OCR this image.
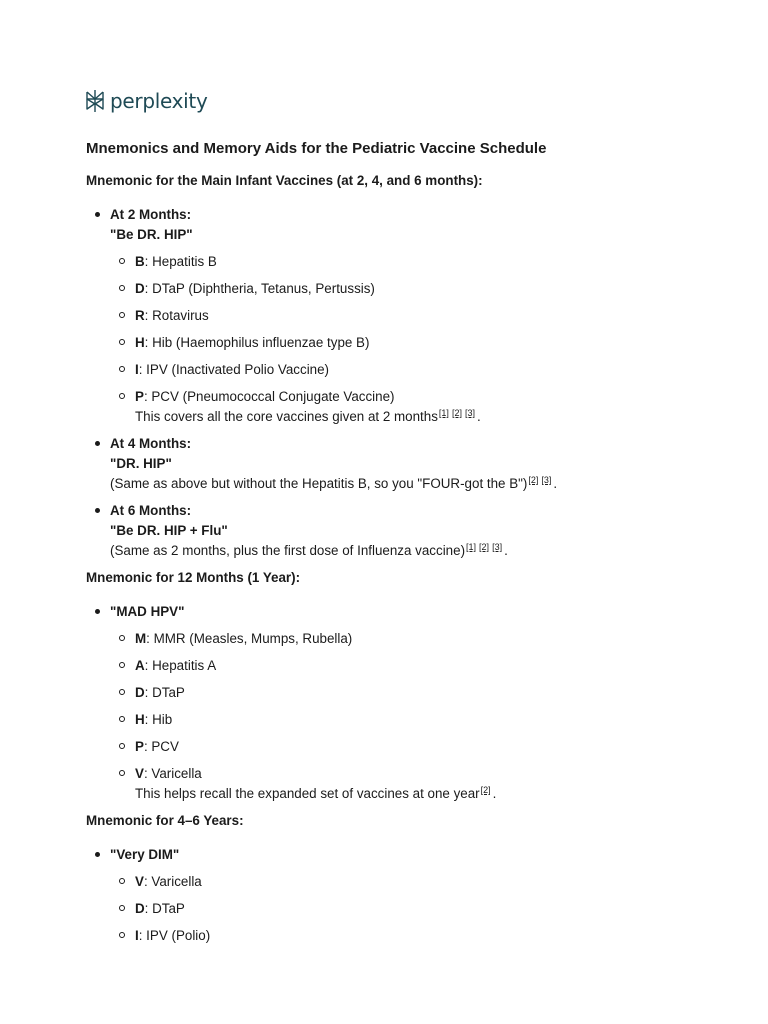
perplexity
Mnemonics and Memory Aids for the Pediatric Vaccine Schedule

Mnemonic for the Main Infant Vaccines (at 2, 4, and 6 months):

At 2 Months:
"Be DR. HIP"
B: Hepatitis B
D: DTaP (Diphtheria, Tetanus, Pertussis)
R: Rotavirus
H: Hib (Haemophilus influenzae type B)
I: IPV (Inactivated Polio Vaccine)
P: PCV (Pneumococcal Conjugate Vaccine)
This covers all the core vaccines given at 2 months[1] [2] [3] .
At 4 Months:
"DR. HIP"
(Same as above but without the Hepatitis B, so you "FOUR-got the B")[2] [3] .
At 6 Months:
"Be DR. HIP + Flu"
(Same as 2 months, plus the first dose of Influenza vaccine)[1] [2] [3] .

Mnemonic for 12 Months (1 Year):

"MAD HPV"
M: MMR (Measles, Mumps, Rubella)
A: Hepatitis A
D: DTaP
H: Hib
P: PCV
V: Varicella
This helps recall the expanded set of vaccines at one year[2] .

Mnemonic for 4–6 Years:

"Very DIM"
V: Varicella
D: DTaP
I: IPV (Polio)
